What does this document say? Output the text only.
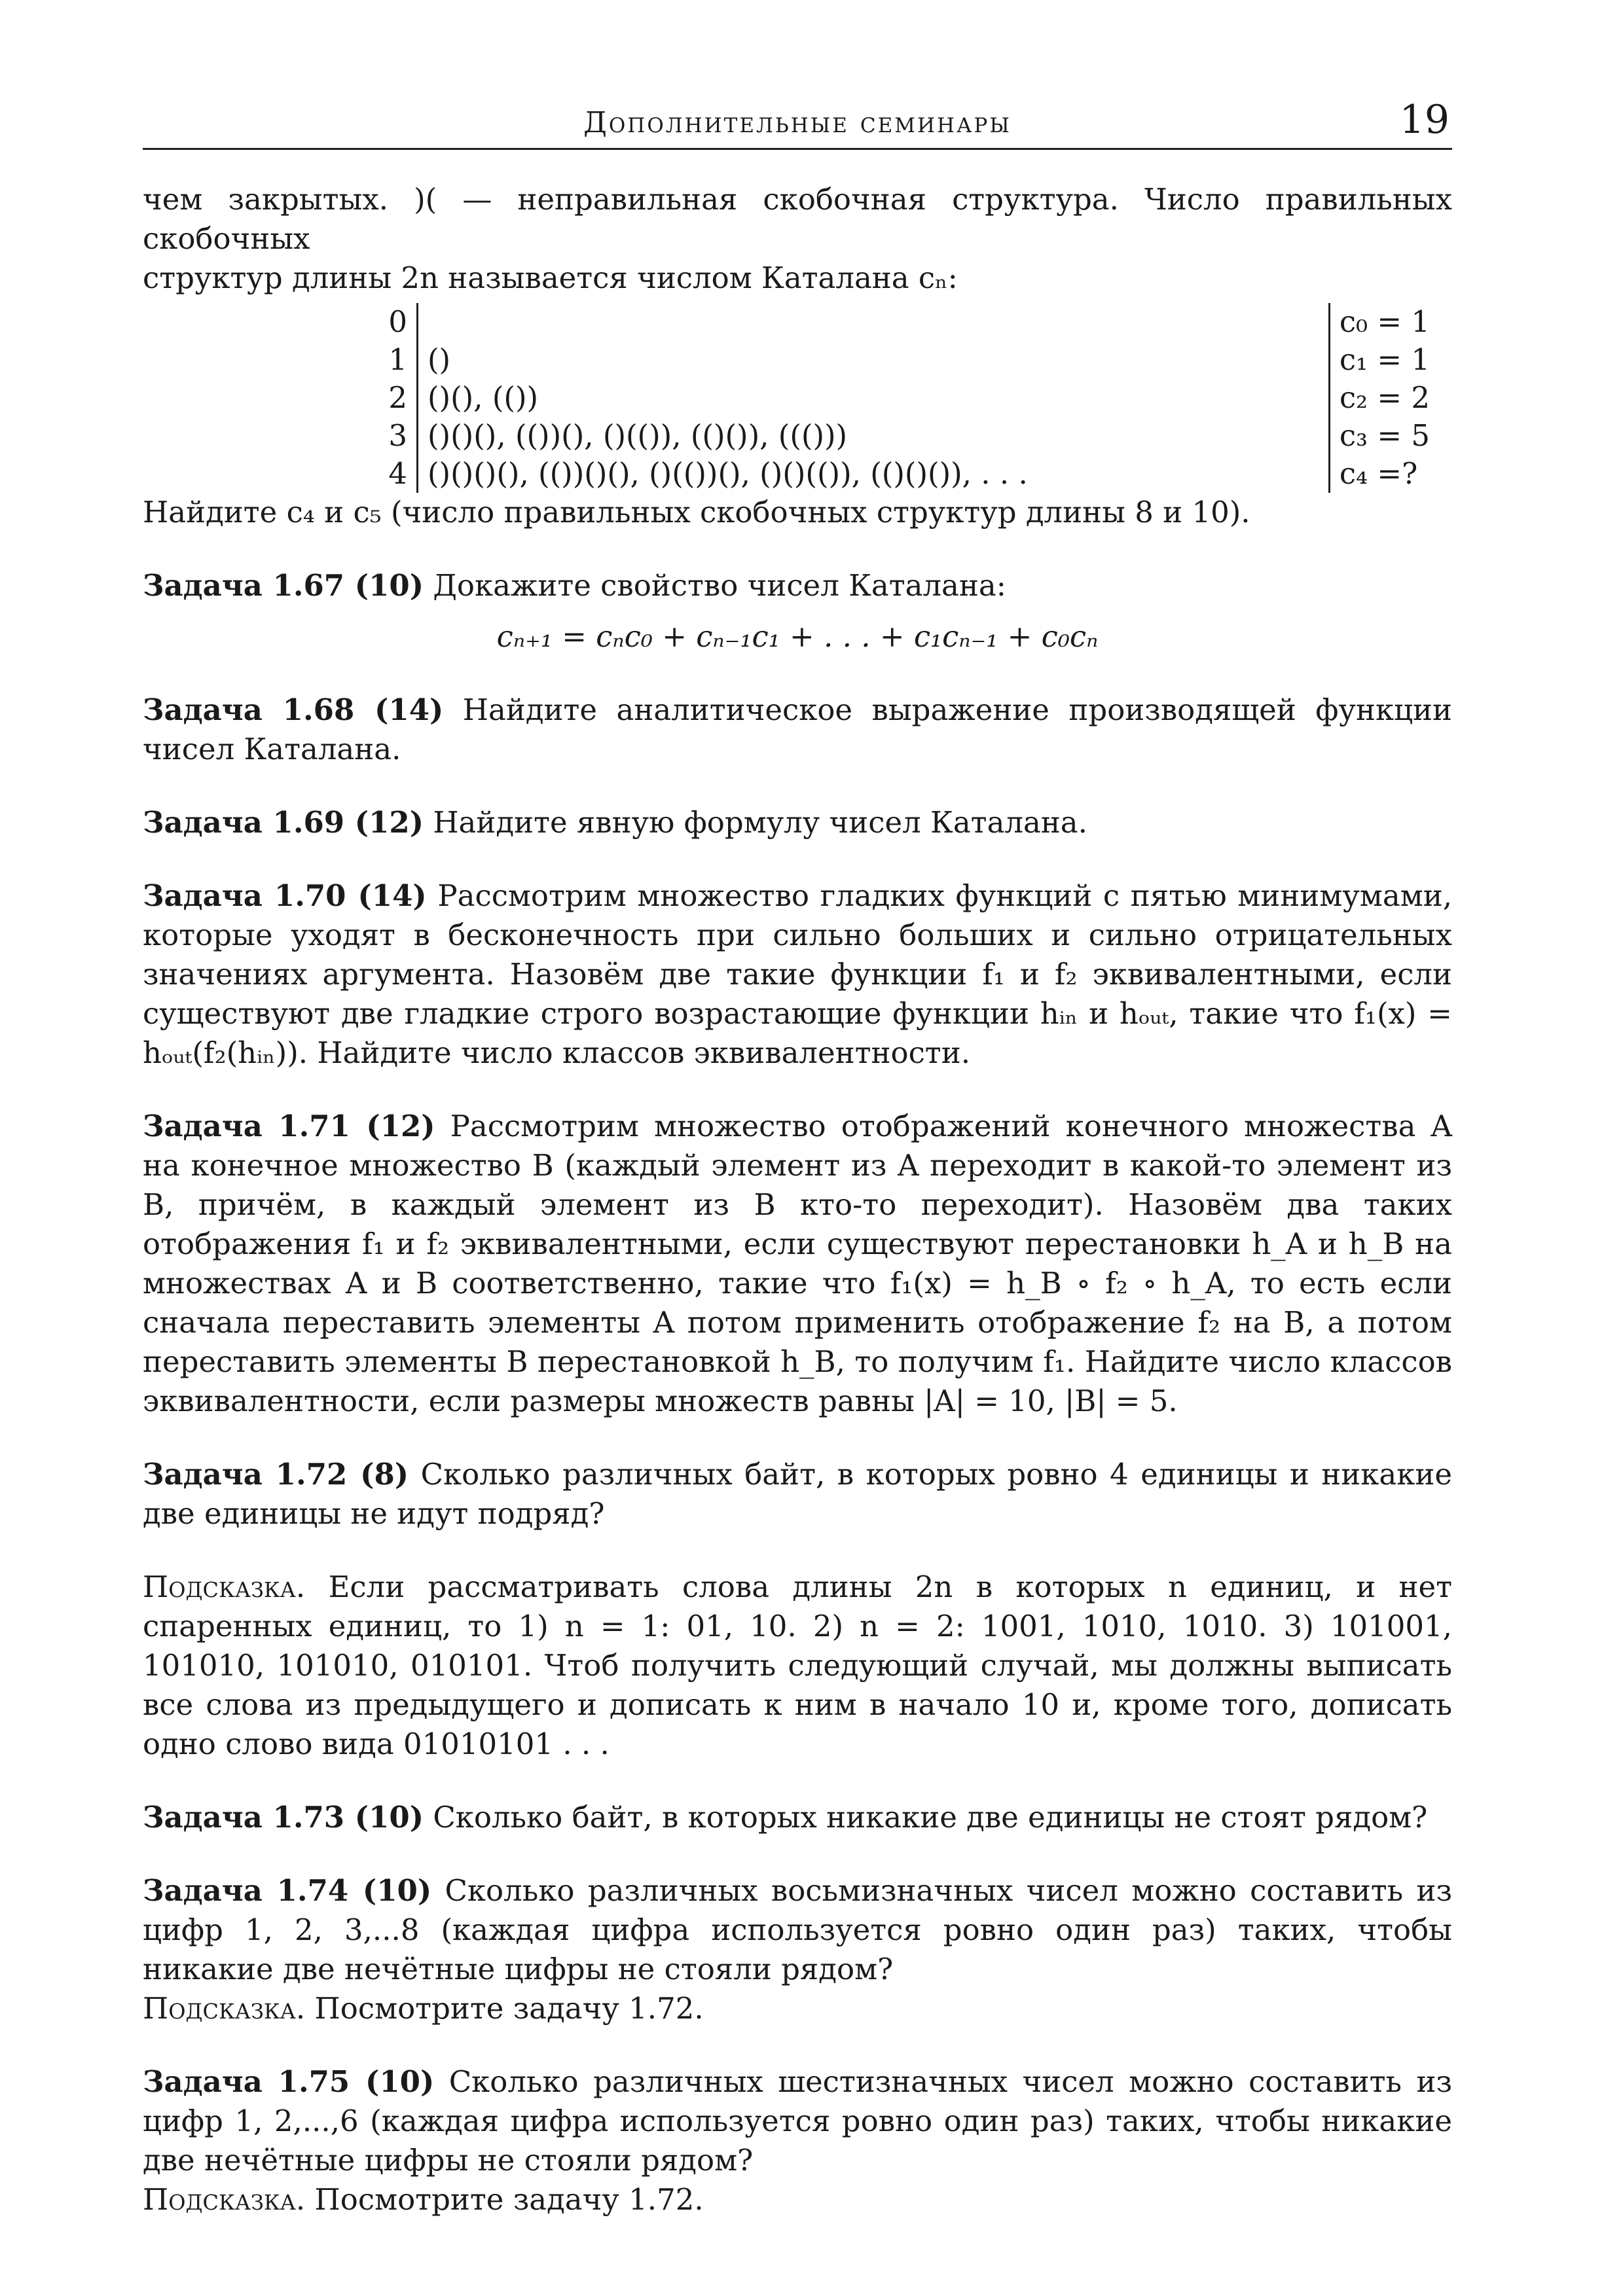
Дополнительные семинары	19

чем закрытых. )( — неправильная скобочная структура. Число правильных скобочных

структур длины 2n называется числом Каталана cₙ:

0		c₀ = 1
1	()	c₁ = 1
2	()(), (())	c₂ = 2
3	()()(), (())(), ()(()), (()()), ((()))	c₃ = 5
4	()()()(), (())()(), ()(())(), ()()(()), (()()()), . . .	c₄ =?

Найдите c₄ и c₅ (число правильных скобочных структур длины 8 и 10).

Задача 1.67 (10) Докажите свойство чисел Каталана:

cₙ₊₁ = cₙc₀ + cₙ₋₁c₁ + . . . + c₁cₙ₋₁ + c₀cₙ

Задача 1.68 (14) Найдите аналитическое выражение производящей функции чисел Каталана.

Задача 1.69 (12) Найдите явную формулу чисел Каталана.

Задача 1.70 (14) Рассмотрим множество гладких функций с пятью минимумами, которые уходят в бесконечность при сильно больших и сильно отрицательных значениях аргумента. Назовём две такие функции f₁ и f₂ эквивалентными, если существуют две гладкие строго возрастающие функции hᵢₙ и hₒᵤₜ, такие что f₁(x) = hₒᵤₜ(f₂(hᵢₙ)). Найдите число классов эквивалентности.

Задача 1.71 (12) Рассмотрим множество отображений конечного множества A на конечное множество B (каждый элемент из A переходит в какой-то элемент из B, причём, в каждый элемент из B кто-то переходит). Назовём два таких отображения f₁ и f₂ эквивалентными, если существуют перестановки h_A и h_B на множествах A и B соответственно, такие что f₁(x) = h_B ∘ f₂ ∘ h_A, то есть если сначала переставить элементы A потом применить отображение f₂ на B, а потом переставить элементы B перестановкой h_B, то получим f₁. Найдите число классов эквивалентности, если размеры множеств равны |A| = 10, |B| = 5.

Задача 1.72 (8) Сколько различных байт, в которых ровно 4 единицы и никакие две единицы не идут подряд?

Подсказка. Если рассматривать слова длины 2n в которых n единиц, и нет спаренных единиц, то 1) n = 1: 01, 10. 2) n = 2: 1001, 1010, 1010. 3) 101001, 101010, 101010, 010101. Чтоб получить следующий случай, мы должны выписать все слова из предыдущего и дописать к ним в начало 10 и, кроме того, дописать одно слово вида 01010101 . . .

Задача 1.73 (10) Сколько байт, в которых никакие две единицы не стоят рядом?

Задача 1.74 (10) Сколько различных восьмизначных чисел можно составить из цифр 1, 2, 3,...8 (каждая цифра используется ровно один раз) таких, чтобы никакие две нечётные цифры не стояли рядом?

Подсказка. Посмотрите задачу 1.72.

Задача 1.75 (10) Сколько различных шестизначных чисел можно составить из цифр 1, 2,...,6 (каждая цифра используется ровно один раз) таких, чтобы никакие две нечётные цифры не стояли рядом?

Подсказка. Посмотрите задачу 1.72.
